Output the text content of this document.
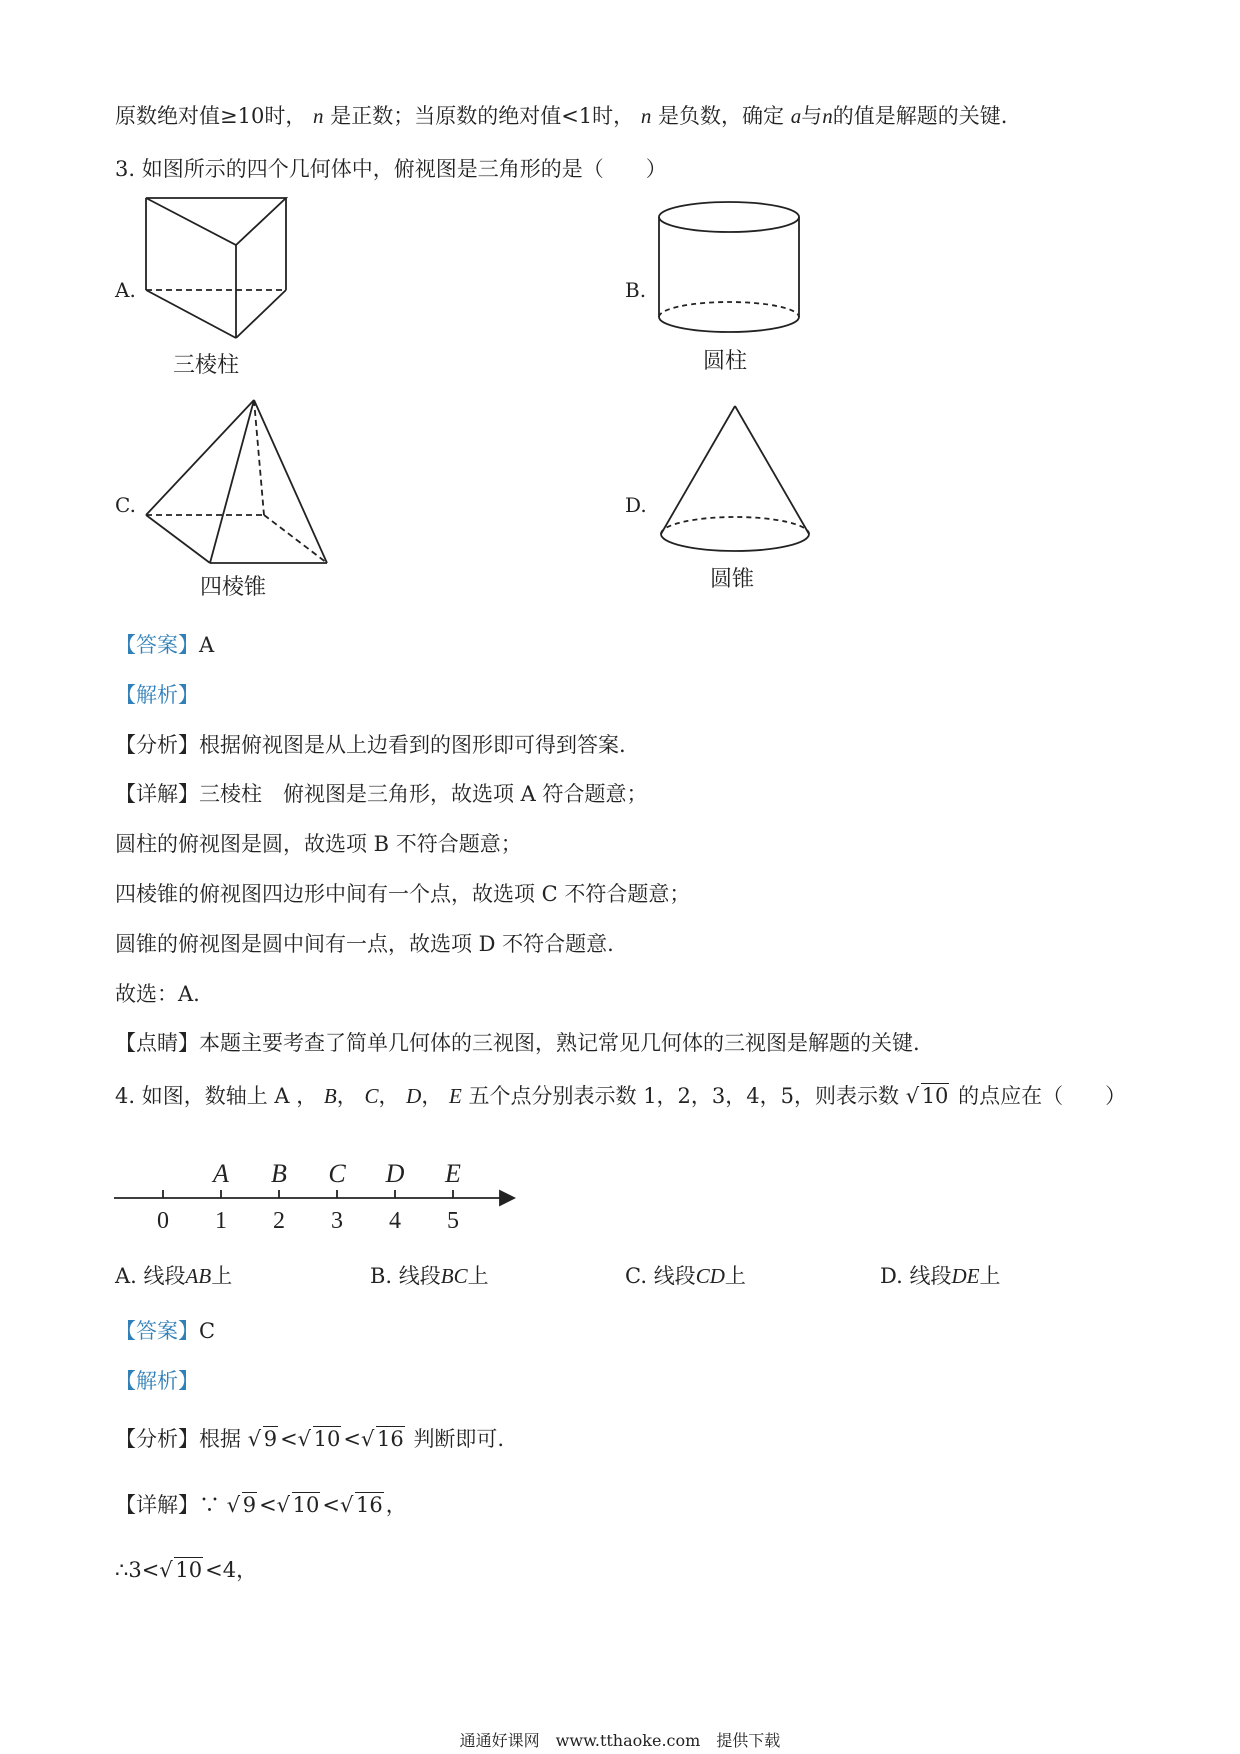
原数绝对值≥10时， n 是正数；当原数的绝对值<1时， n 是负数，确定 a与n的值是解题的关键.
3. 如图所示的四个几何体中，俯视图是三角形的是（　　）
A.
三棱柱
B.
圆柱
C.
四棱锥
D.
圆锥
【答案】A
【解析】
【分析】根据俯视图是从上边看到的图形即可得到答案.
【详解】三棱柱　俯视图是三角形，故选项 A 符合题意；
圆柱的俯视图是圆，故选项 B 不符合题意；
四棱锥的俯视图四边形中间有一个点，故选项 C 不符合题意；
圆锥的俯视图是圆中间有一点，故选项 D 不符合题意.
故选：A.
【点睛】本题主要考查了简单几何体的三视图，熟记常见几何体的三视图是解题的关键.
4. 如图，数轴上 A ， B， C， D， E 五个点分别表示数 1，2，3，4，5，则表示数 √ 10 的点应在（　　）
0 1 2 3 4 5
A B C D E
A. 线段AB上	B. 线段BC上	C. 线段CD上	D. 线段DE上
【答案】C
【解析】
【分析】根据 √ 9 < √ 10 < √ 16 判断即可.
【详解】∵ √ 9 < √ 10 < √ 16 ，
∴3< √ 10 <4，
通通好课网　www.tthaoke.com　提供下载
